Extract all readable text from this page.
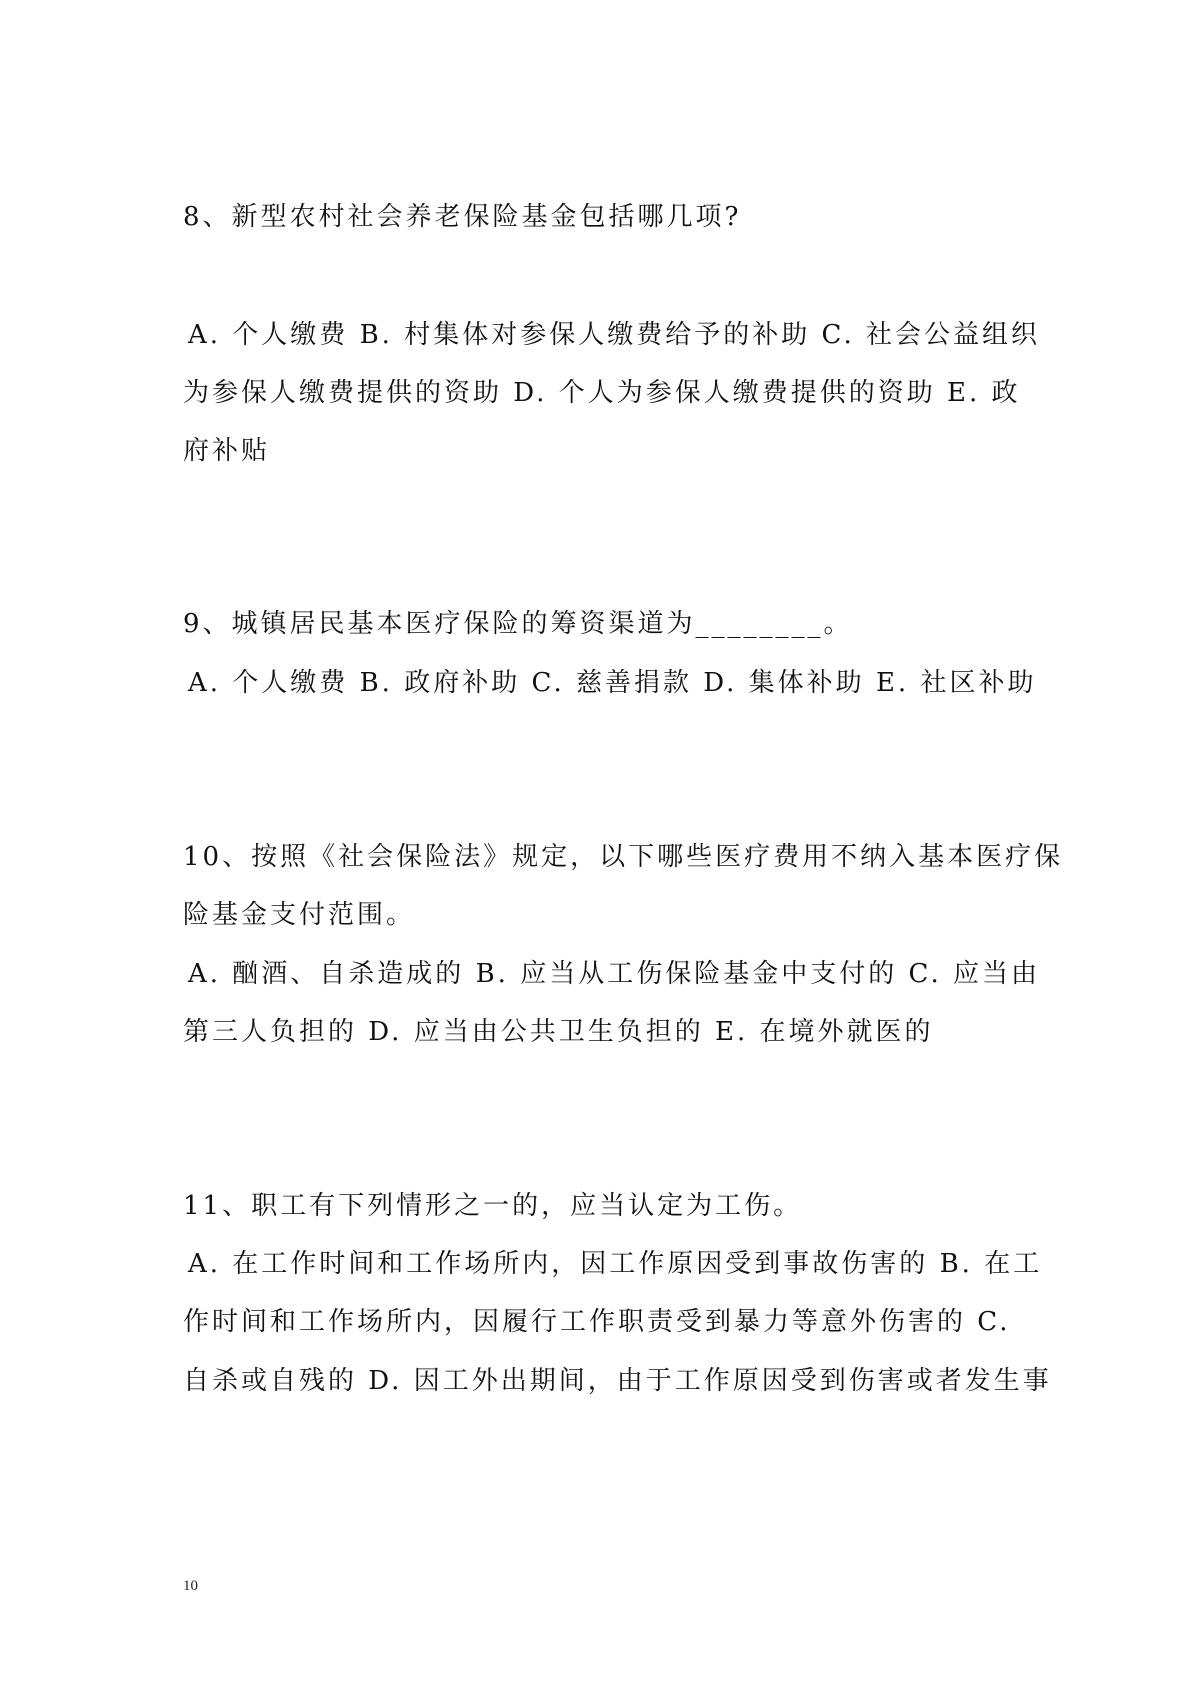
8、新型农村社会养老保险基金包括哪几项?

A. 个人缴费 B. 村集体对参保人缴费给予的补助 C. 社会公益组织

为参保人缴费提供的资助 D. 个人为参保人缴费提供的资助 E. 政

府补贴

9、城镇居民基本医疗保险的筹资渠道为________。

A. 个人缴费 B. 政府补助 C. 慈善捐款 D. 集体补助 E. 社区补助

10、按照《社会保险法》规定，以下哪些医疗费用不纳入基本医疗保

险基金支付范围。

A. 酗酒、自杀造成的 B. 应当从工伤保险基金中支付的 C. 应当由

第三人负担的 D. 应当由公共卫生负担的 E. 在境外就医的

11、职工有下列情形之一的，应当认定为工伤。

A. 在工作时间和工作场所内，因工作原因受到事故伤害的 B. 在工

作时间和工作场所内，因履行工作职责受到暴力等意外伤害的 C.

自杀或自残的 D. 因工外出期间，由于工作原因受到伤害或者发生事

10
